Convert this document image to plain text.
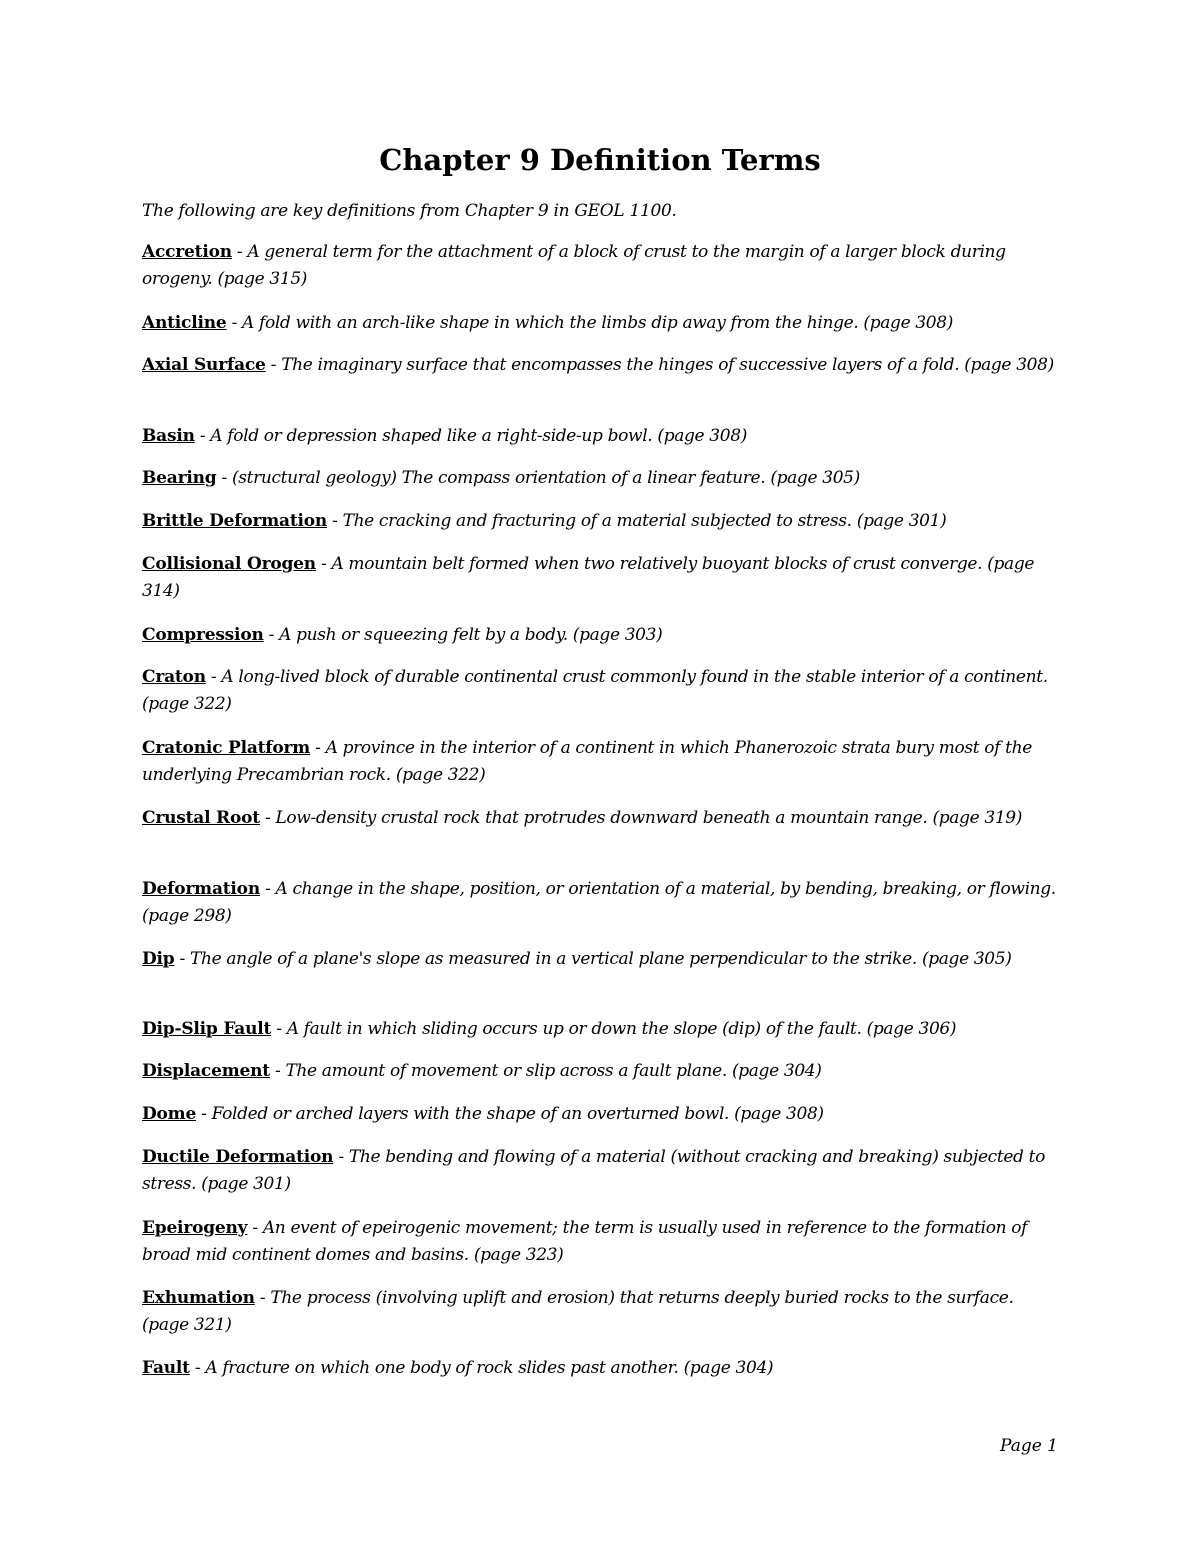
Chapter 9 Definition Terms

The following are key definitions from Chapter 9 in GEOL 1100.

Accretion - A general term for the attachment of a block of crust to the margin of a larger block during orogeny. (page 315)

Anticline - A fold with an arch-like shape in which the limbs dip away from the hinge. (page 308)

Axial Surface - The imaginary surface that encompasses the hinges of successive layers of a fold. (page 308)

Basin - A fold or depression shaped like a right-side-up bowl. (page 308)

Bearing - (structural geology) The compass orientation of a linear feature. (page 305)

Brittle Deformation - The cracking and fracturing of a material subjected to stress. (page 301)

Collisional Orogen - A mountain belt formed when two relatively buoyant blocks of crust converge. (page 314)

Compression - A push or squeezing felt by a body. (page 303)

Craton - A long-lived block of durable continental crust commonly found in the stable interior of a continent. (page 322)

Cratonic Platform - A province in the interior of a continent in which Phanerozoic strata bury most of the underlying Precambrian rock. (page 322)

Crustal Root - Low-density crustal rock that protrudes downward beneath a mountain range. (page 319)

Deformation - A change in the shape, position, or orientation of a material, by bending, breaking, or flowing. (page 298)

Dip - The angle of a plane's slope as measured in a vertical plane perpendicular to the strike. (page 305)

Dip-Slip Fault - A fault in which sliding occurs up or down the slope (dip) of the fault. (page 306)

Displacement - The amount of movement or slip across a fault plane. (page 304)

Dome - Folded or arched layers with the shape of an overturned bowl. (page 308)

Ductile Deformation - The bending and flowing of a material (without cracking and breaking) subjected to stress. (page 301)

Epeirogeny - An event of epeirogenic movement; the term is usually used in reference to the formation of broad mid continent domes and basins. (page 323)

Exhumation - The process (involving uplift and erosion) that returns deeply buried rocks to the surface. (page 321)

Fault - A fracture on which one body of rock slides past another. (page 304)

Page 1
